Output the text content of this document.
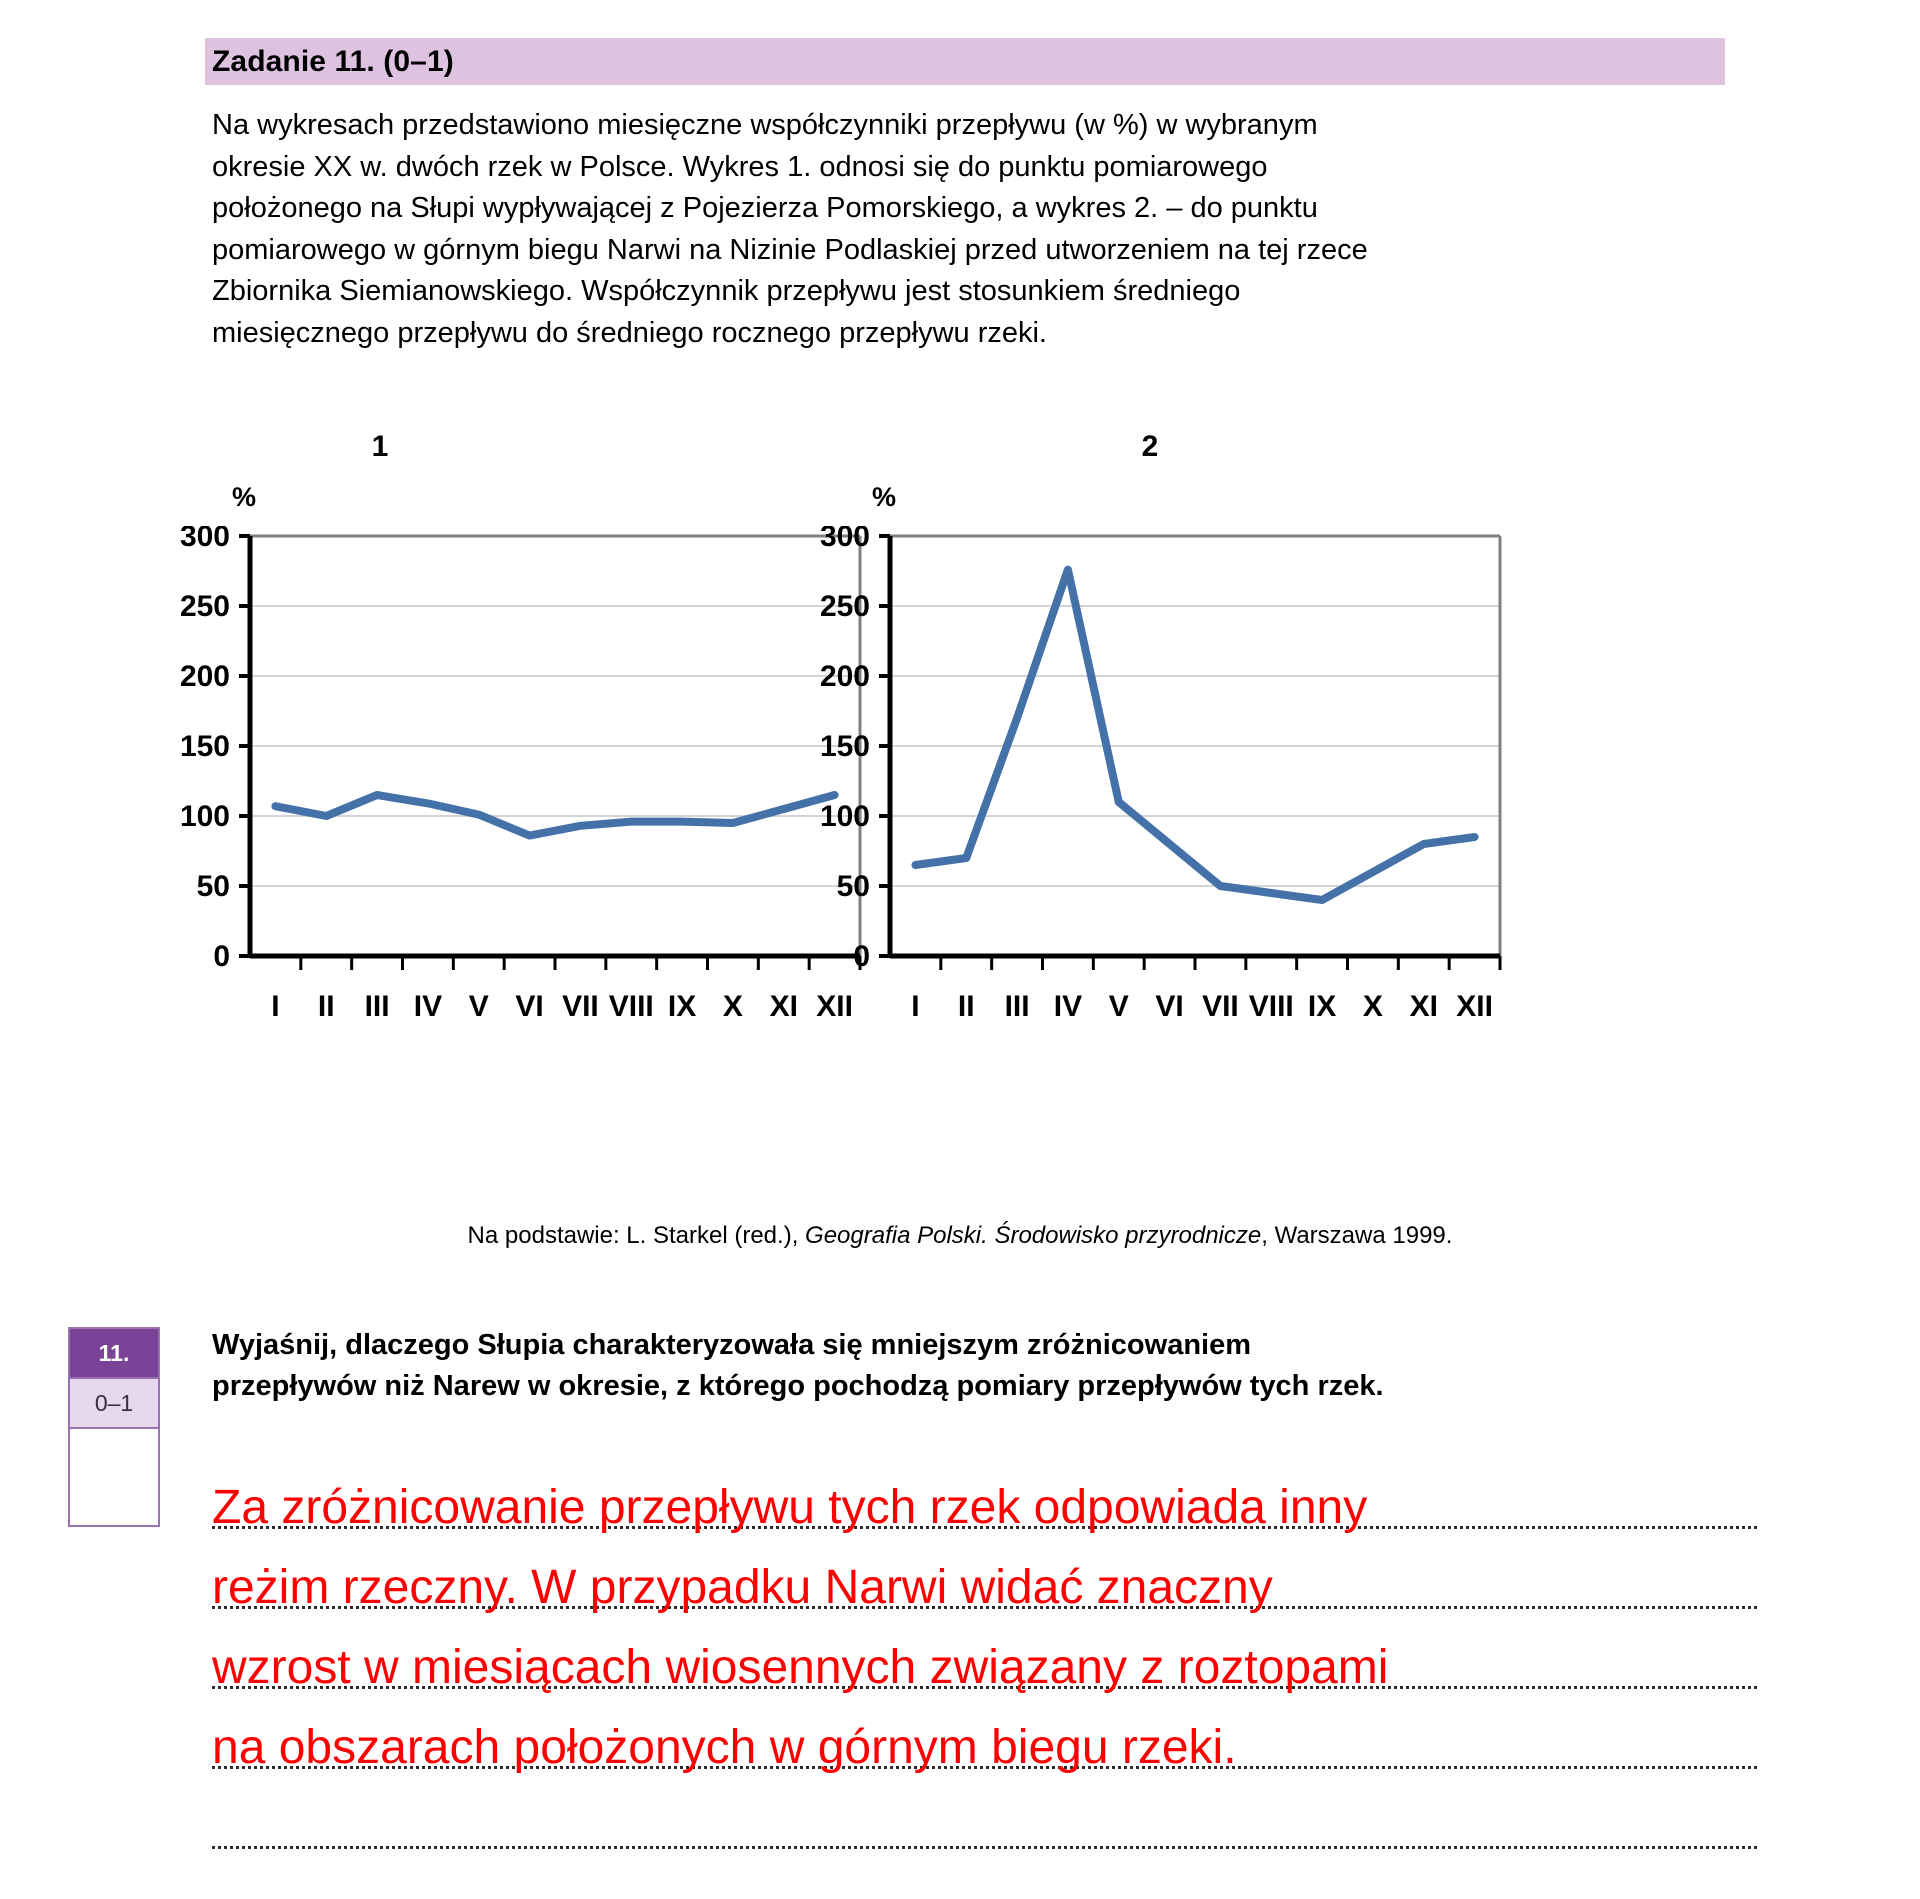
Zadanie 11. (0–1)

Na wykresach przedstawiono miesięczne współczynniki przepływu (w %) w wybranym

okresie XX w. dwóch rzek w Polsce. Wykres 1. odnosi się do punktu pomiarowego

położonego na Słupi wypływającej z Pojezierza Pomorskiego, a wykres 2. – do punktu

pomiarowego w górnym biegu Narwi na Nizinie Podlaskiej przed utworzeniem na tej rzece

Zbiornika Siemianowskiego. Współczynnik przepływu jest stosunkiem średniego

miesięcznego przepływu do średniego rocznego przepływu rzeki.

1
%
0
50
100
150
200
250
300
I II III IV V VI VII VIII IX X XI XII
2
%
0
50
100
150
200
250
300
I II III IV V VI VII VIII IX X XI XII
Na podstawie: L. Starkel (red.), Geografia Polski. Środowisko przyrodnicze, Warszawa 1999.
11.
0–1

Wyjaśnij, dlaczego Słupia charakteryzowała się mniejszym zróżnicowaniem

przepływów niż Narew w okresie, z którego pochodzą pomiary przepływów tych rzek.

Za zróżnicowanie przepływu tych rzek odpowiada inny
reżim rzeczny. W przypadku Narwi widać znaczny
wzrost w miesiącach wiosennych związany z roztopami
na obszarach położonych w górnym biegu rzeki.
